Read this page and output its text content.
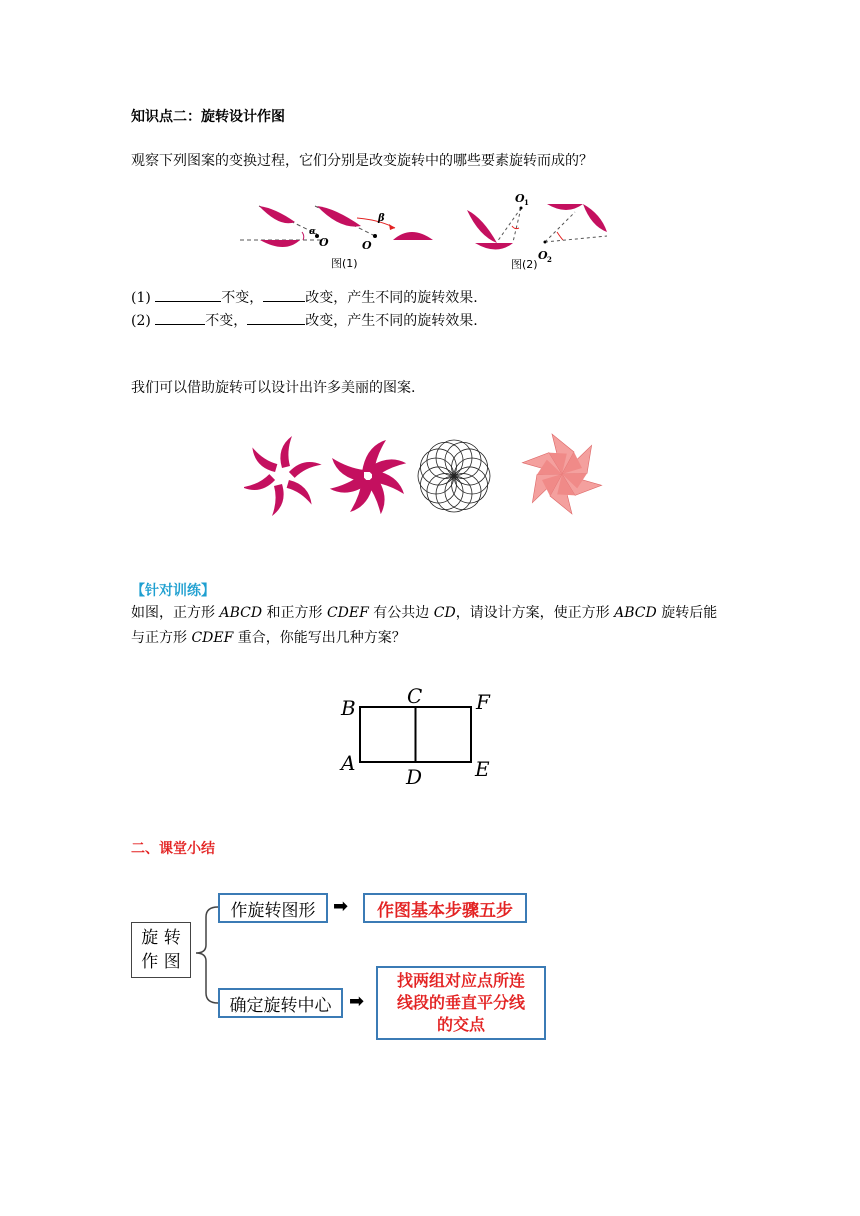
知识点二：旋转设计作图
观察下列图案的变换过程，它们分别是改变旋转中的哪些要素旋转而成的？
α
O
β
O
图(1)
O 1
O 2
图(2)
(1)	不变，	改变，产生不同的旋转效果.
(2)	不变，	改变，产生不同的旋转效果.
我们可以借助旋转可以设计出许多美丽的图案.
【针对训练】
如图，正方形 ABCD 和正方形 CDEF 有公共边 CD，请设计方案，使正方形 ABCD 旋转后能
与正方形 CDEF 重合，你能写出几种方案？
B	C	F
A
D	E
二、课堂小结
旋 转
作 图
作旋转图形 ➡	作图基本步骤五步
确定旋转中心 ➡
找两组对应点所连
线段的垂直平分线
的交点
